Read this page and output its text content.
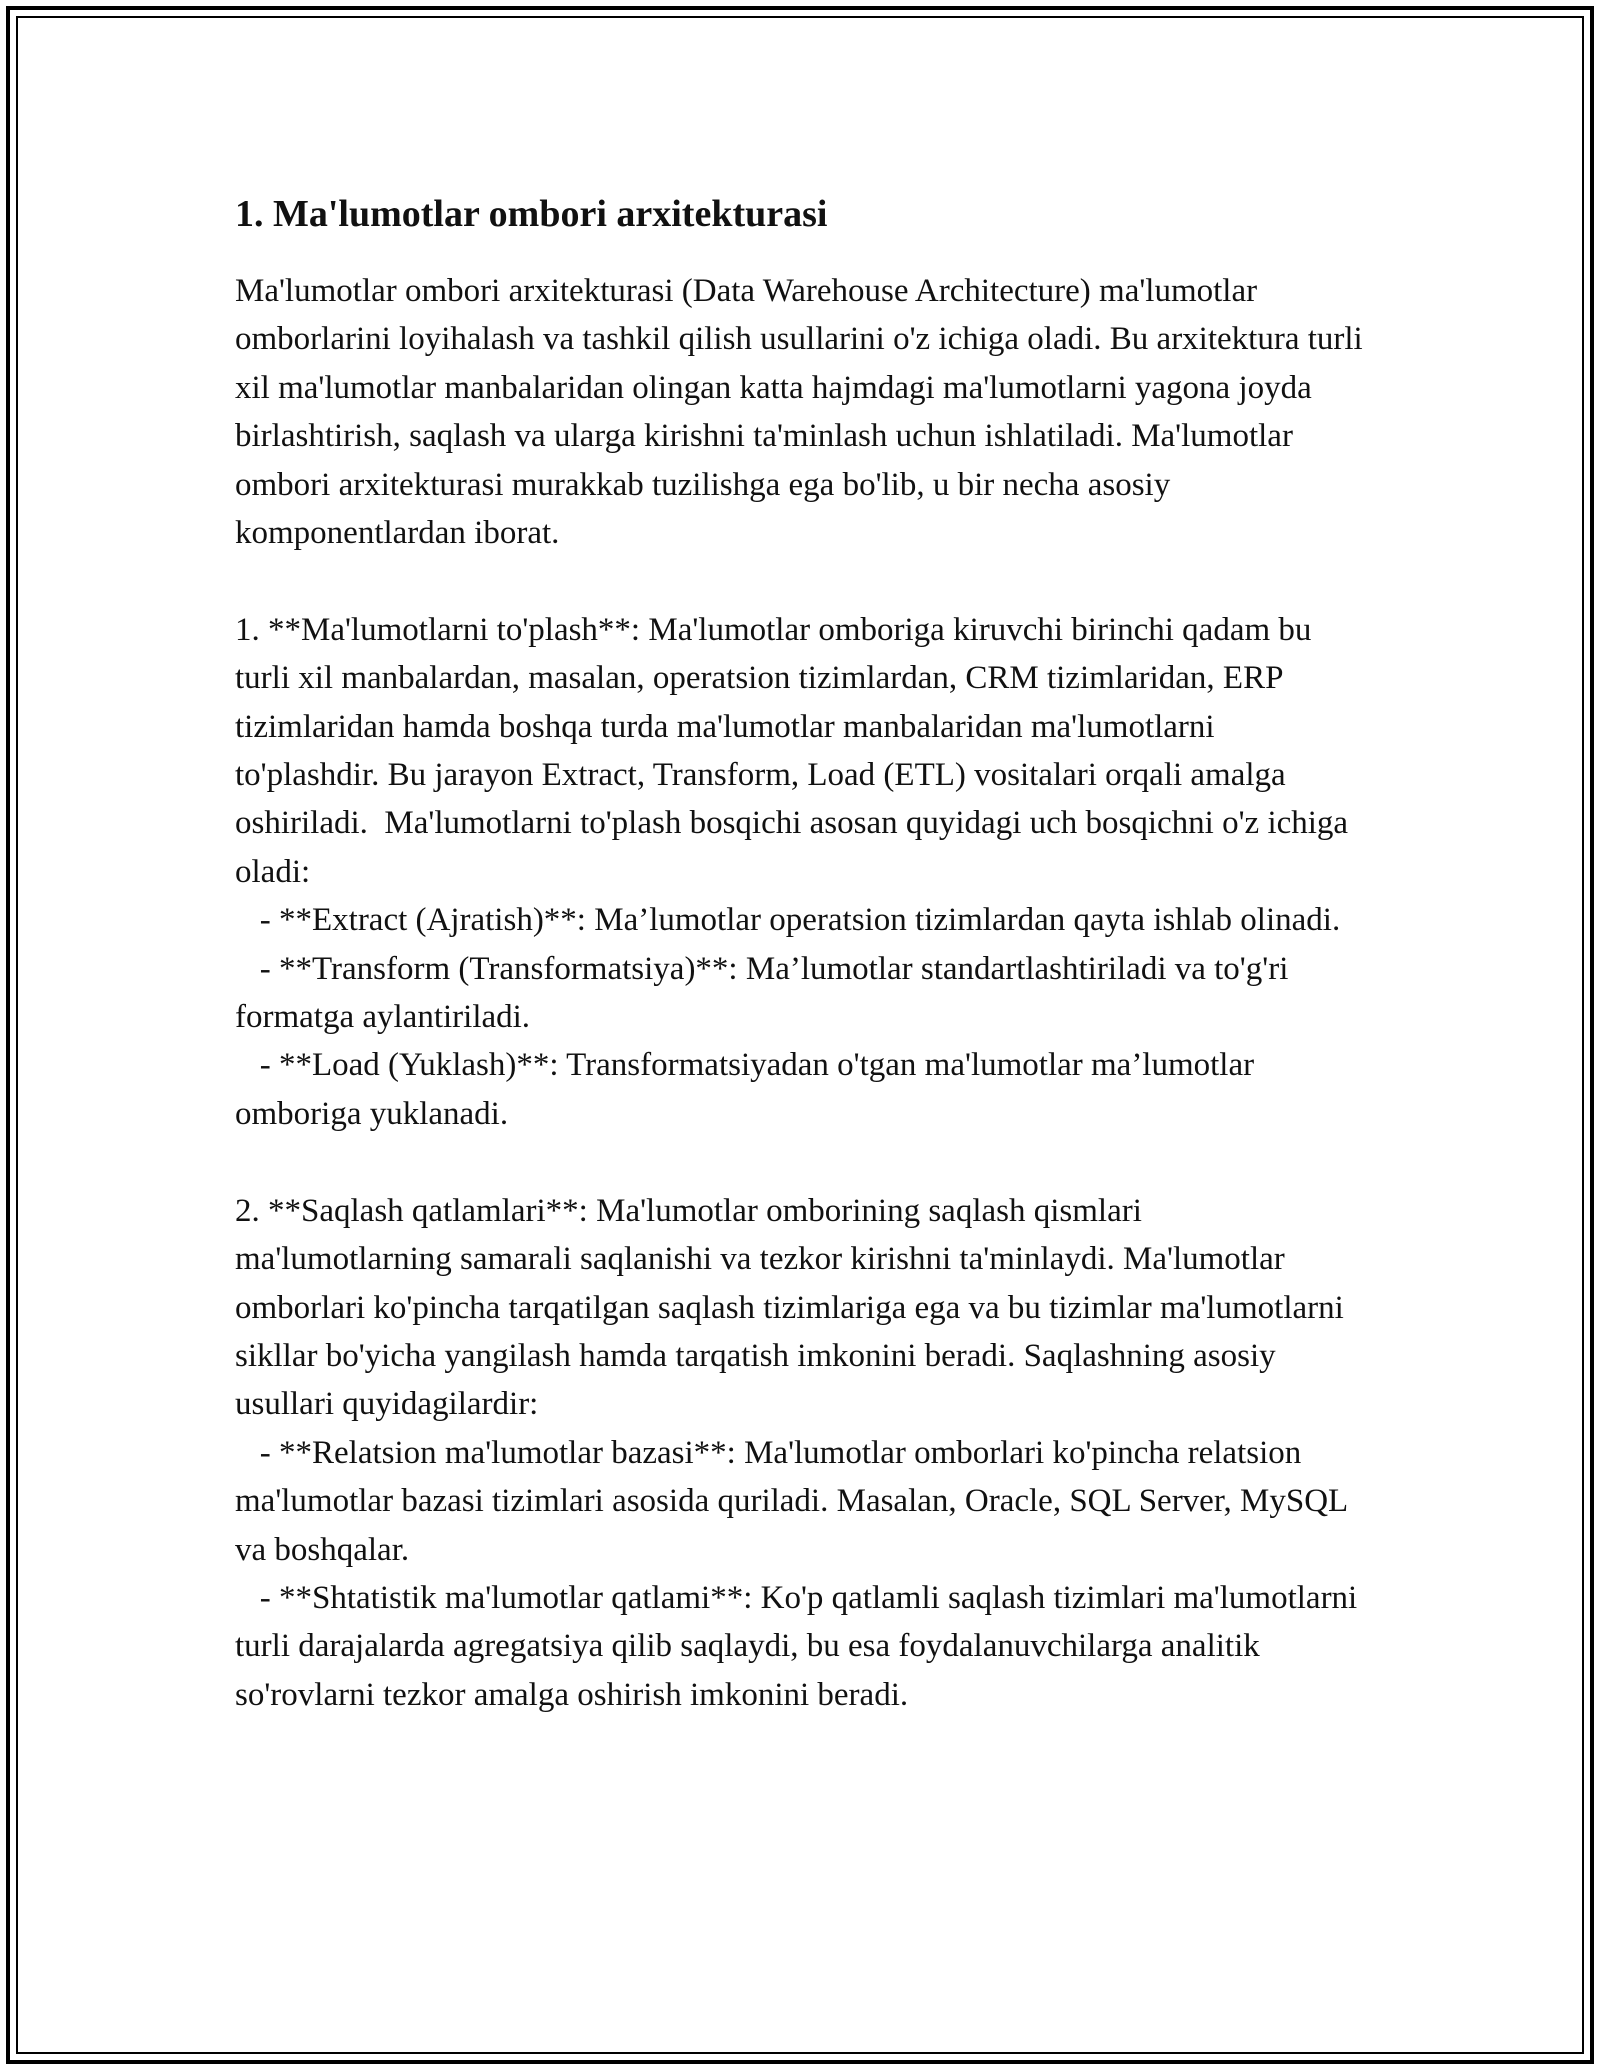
1. Ma'lumotlar ombori arxitekturasi

Ma'lumotlar ombori arxitekturasi (Data Warehouse Architecture) ma'lumotlar omborlarini loyihalash va tashkil qilish usullarini o'z ichiga oladi. Bu arxitektura turli xil ma'lumotlar manbalaridan olingan katta hajmdagi ma'lumotlarni yagona joyda birlashtirish, saqlash va ularga kirishni ta'minlash uchun ishlatiladi. Ma'lumotlar ombori arxitekturasi murakkab tuzilishga ega bo'lib, u bir necha asosiy komponentlardan iborat.

1. **Ma'lumotlarni to'plash**: Ma'lumotlar omboriga kiruvchi birinchi qadam bu turli xil manbalardan, masalan, operatsion tizimlardan, CRM tizimlaridan, ERP tizimlaridan hamda boshqa turda ma'lumotlar manbalaridan ma'lumotlarni to'plashdir. Bu jarayon Extract, Transform, Load (ETL) vositalari orqali amalga oshiriladi.  Ma'lumotlarni to'plash bosqichi asosan quyidagi uch bosqichni o'z ichiga oladi:

- **Extract (Ajratish)**: Ma’lumotlar operatsion tizimlardan qayta ishlab olinadi.

- **Transform (Transformatsiya)**: Ma’lumotlar standartlashtiriladi va to'g'ri formatga aylantiriladi.

- **Load (Yuklash)**: Transformatsiyadan o'tgan ma'lumotlar ma’lumotlar omboriga yuklanadi.

2. **Saqlash qatlamlari**: Ma'lumotlar omborining saqlash qismlari ma'lumotlarning samarali saqlanishi va tezkor kirishni ta'minlaydi. Ma'lumotlar omborlari ko'pincha tarqatilgan saqlash tizimlariga ega va bu tizimlar ma'lumotlarni sikllar bo'yicha yangilash hamda tarqatish imkonini beradi. Saqlashning asosiy usullari quyidagilardir:

- **Relatsion ma'lumotlar bazasi**: Ma'lumotlar omborlari ko'pincha relatsion ma'lumotlar bazasi tizimlari asosida quriladi. Masalan, Oracle, SQL Server, MySQL va boshqalar.

- **Shtatistik ma'lumotlar qatlami**: Ko'p qatlamli saqlash tizimlari ma'lumotlarni turli darajalarda agregatsiya qilib saqlaydi, bu esa foydalanuvchilarga analitik so'rovlarni tezkor amalga oshirish imkonini beradi.
